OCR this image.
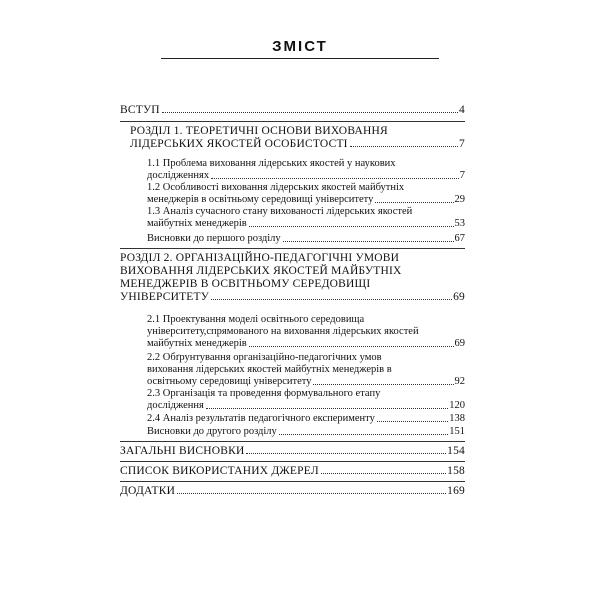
ЗМІСТ
ВСТУП	4
РОЗДІЛ 1. ТЕОРЕТИЧНІ ОСНОВИ ВИХОВАННЯ
ЛІДЕРСЬКИХ ЯКОСТЕЙ ОСОБИСТОСТІ	7
1.1 Проблема виховання лідерських якостей у наукових
дослідженнях	7
1.2 Особливості виховання лідерських якостей майбутніх
менеджерів в освітньому середовищі університету	29
1.3 Аналіз сучасного стану вихованості лідерських якостей
майбутніх менеджерів	53
Висновки до першого розділу	67
РОЗДІЛ 2. ОРГАНІЗАЦІЙНО-ПЕДАГОГІЧНІ УМОВИ
ВИХОВАННЯ ЛІДЕРСЬКИХ ЯКОСТЕЙ МАЙБУТНІХ
МЕНЕДЖЕРІВ В ОСВІТНЬОМУ СЕРЕДОВИЩІ
УНІВЕРСИТЕТУ	69
2.1 Проектування моделі освітнього середовища
університету,спрямованого на виховання лідерських якостей
майбутніх менеджерів	69
2.2 Обґрунтування організаційно-педагогічних умов
виховання лідерських якостей майбутніх менеджерів в
освітньому середовищі університету	92
2.3 Організація та проведення формувального етапу
дослідження	120
2.4 Аналіз результатів педагогічного експерименту	138
Висновки до другого розділу	151
ЗАГАЛЬНІ ВИСНОВКИ	154
СПИСОК ВИКОРИСТАНИХ ДЖЕРЕЛ	158
ДОДАТКИ	169
